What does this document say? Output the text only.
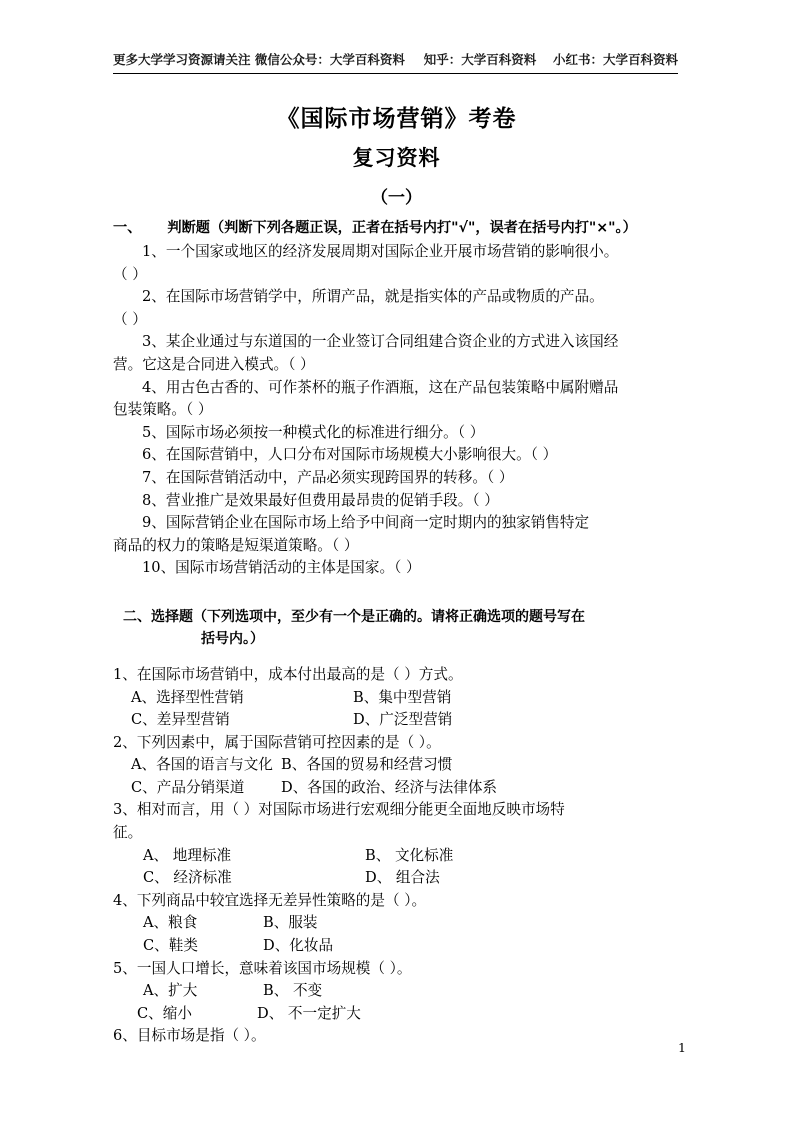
更多大学学习资源请关注 微信公众号：大学百科资料 知乎：大学百科资料 小红书：大学百科资料
《国际市场营销》考卷
复习资料
（一）

一、 判断题（判断下列各题正误，正者在括号内打"√"，误者在括号内打"×"。）

1、一个国家或地区的经济发展周期对国际企业开展市场营销的影响很小。

（ ）

2、在国际市场营销学中，所谓产品，就是指实体的产品或物质的产品。

（ ）

3、某企业通过与东道国的一企业签订合同组建合资企业的方式进入该国经

营。它这是合同进入模式。（ ）

4、用古色古香的、可作茶杯的瓶子作酒瓶，这在产品包装策略中属附赠品

包装策略。（ ）

5、国际市场必须按一种模式化的标准进行细分。（ ）

6、在国际营销中，人口分布对国际市场规模大小影响很大。（ ）

7、在国际营销活动中，产品必须实现跨国界的转移。（ ）

8、营业推广是效果最好但费用最昂贵的促销手段。（ ）

9、国际营销企业在国际市场上给予中间商一定时期内的独家销售特定

商品的权力的策略是短渠道策略。（ ）

10、国际市场营销活动的主体是国家。（ ）

二、选择题（下列选项中，至少有一个是正确的。请将正确选项的题号写在
括号内。）

1、在国际市场营销中，成本付出最高的是（ ）方式。

A、选择型性营销	B、集中型营销

C、差异型营销	D、广泛型营销

2、下列因素中，属于国际营销可控因素的是（ ）。

A、各国的语言与文化 B、各国的贸易和经营习惯

C、产品分销渠道	D、各国的政治、经济与法律体系

3、相对而言，用（ ）对国际市场进行宏观细分能更全面地反映市场特

征。

A、 地理标准	B、 文化标准

C、 经济标准	D、 组合法

4、下列商品中较宜选择无差异性策略的是（ ）。

A、粮食	B、服装

C、鞋类	D、化妆品

5、一国人口增长，意味着该国市场规模（ ）。

A、扩大	B、 不变

C、缩小	D、 不一定扩大

6、目标市场是指（ ）。

1
